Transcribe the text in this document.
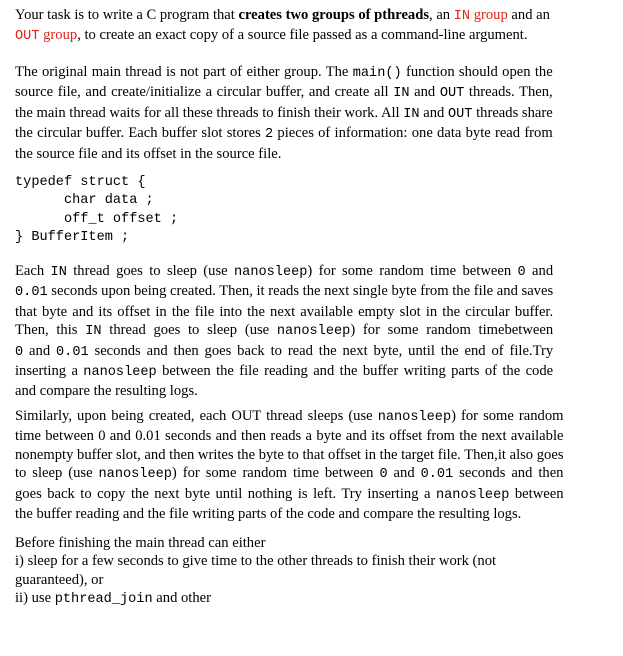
Your task is to write a C program that creates two groups of pthreads, an IN group and an

OUT group, to create an exact copy of a source file passed as a command-line argument.

The original main thread is not part of either group. The main() function should open the

source file, and create/initialize a circular buffer, and create all IN and OUT threads. Then,

the main thread waits for all these threads to finish their work. All IN and OUT threads share

the circular buffer. Each buffer slot stores 2 pieces of information: one data byte read from

the source file and its offset in the source file.

typedef struct {
char data ;
off_t offset ;
} BufferItem ;

Each IN thread goes to sleep (use nanosleep) for some random time between 0 and

0.01 seconds upon being created. Then, it reads the next single byte from the file and saves

that byte and its offset in the file into the next available empty slot in the circular buffer.

Then, this IN thread goes to sleep (use nanosleep) for some random timebetween

0 and 0.01 seconds and then goes back to read the next byte, until the end of file.Try

inserting a nanosleep between the file reading and the buffer writing parts of the code

and compare the resulting logs.

Similarly, upon being created, each OUT thread sleeps (use nanosleep) for some random

time between 0 and 0.01 seconds and then reads a byte and its offset from the next available

nonempty buffer slot, and then writes the byte to that offset in the target file. Then,it also goes

to sleep (use nanosleep) for some random time between 0 and 0.01 seconds and then

goes back to copy the next byte until nothing is left. Try inserting a nanosleep between

the buffer reading and the file writing parts of the code and compare the resulting logs.

Before finishing the main thread can either

i) sleep for a few seconds to give time to the other threads to finish their work (not

guaranteed), or

ii) use pthread_join and other
